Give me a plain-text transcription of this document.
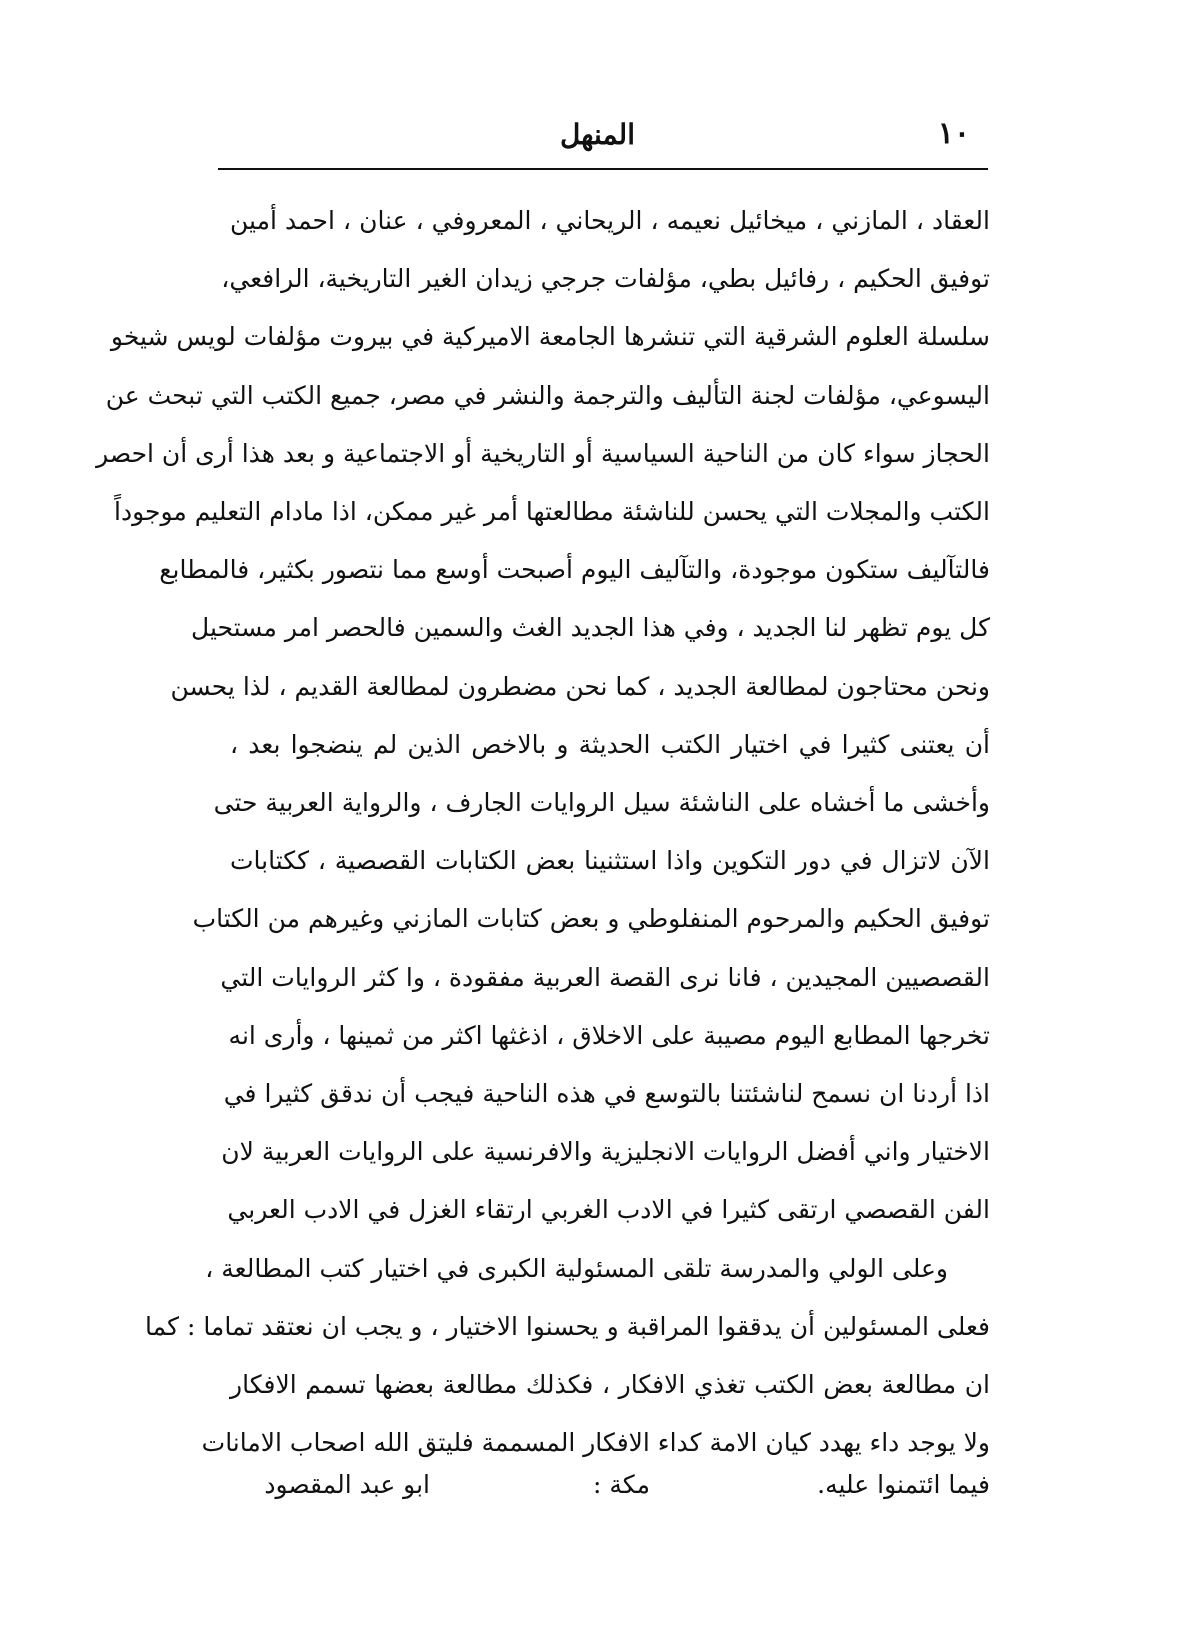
١٠
المنهل
العقاد ، المازني ، ميخائيل نعيمه ، الريحاني ، المعروفي ، عنان ، احمد أمين
توفيق الحكيم ، رفائيل بطي، مؤلفات جرجي زيدان الغير التاريخية، الرافعي،
سلسلة العلوم الشرقية التي تنشرها الجامعة الاميركية في بيروت مؤلفات لويس شيخو
اليسوعي، مؤلفات لجنة التأليف والترجمة والنشر في مصر، جميع الكتب التي تبحث عن
الحجاز سواء كان من الناحية السياسية أو التاريخية أو الاجتماعية و بعد هذا أرى أن احصر
الكتب والمجلات التي يحسن للناشئة مطالعتها أمر غير ممكن، اذا مادام التعليم موجوداً
فالتآليف ستكون موجودة، والتآليف اليوم أصبحت أوسع مما نتصور بكثير، فالمطابع
كل يوم تظهر لنا الجديد ، وفي هذا الجديد الغث والسمين فالحصر امر مستحيل
ونحن محتاجون لمطالعة الجديد ، كما نحن مضطرون لمطالعة القديم ، لذا يحسن
أن يعتنى كثيرا في اختيار الكتب الحديثة و بالاخص الذين لم ينضجوا بعد ،
وأخشى ما أخشاه على الناشئة سيل الروايات الجارف ، والرواية العربية حتى
الآن لاتزال في دور التكوين واذا استثنينا بعض الكتابات القصصية ، ككتابات
توفيق الحكيم والمرحوم المنفلوطي و بعض كتابات المازني وغيرهم من الكتاب
القصصيين المجيدين ، فانا نرى القصة العربية مفقودة ، وا كثر الروايات التي
تخرجها المطابع اليوم مصيبة على الاخلاق ، اذغثها اكثر من ثمينها ، وأرى انه
اذا أردنا ان نسمح لناشئتنا بالتوسع في هذه الناحية فيجب أن ندقق كثيرا في
الاختيار واني أفضل الروايات الانجليزية والافرنسية على الروايات العربية لان
الفن القصصي ارتقى كثيرا في الادب الغربي ارتقاء الغزل في الادب العربي
وعلى الولي والمدرسة تلقى المسئولية الكبرى في اختيار كتب المطالعة ،
فعلى المسئولين أن يدققوا المراقبة و يحسنوا الاختيار ، و يجب ان نعتقد تماما : كما
ان مطالعة بعض الكتب تغذي الافكار ، فكذلك مطالعة بعضها تسمم الافكار
ولا يوجد داء يهدد كيان الامة كداء الافكار المسممة فليتق الله اصحاب الامانات
فيما ائتمنوا عليه.
مكة :
ابو عبد المقصود
